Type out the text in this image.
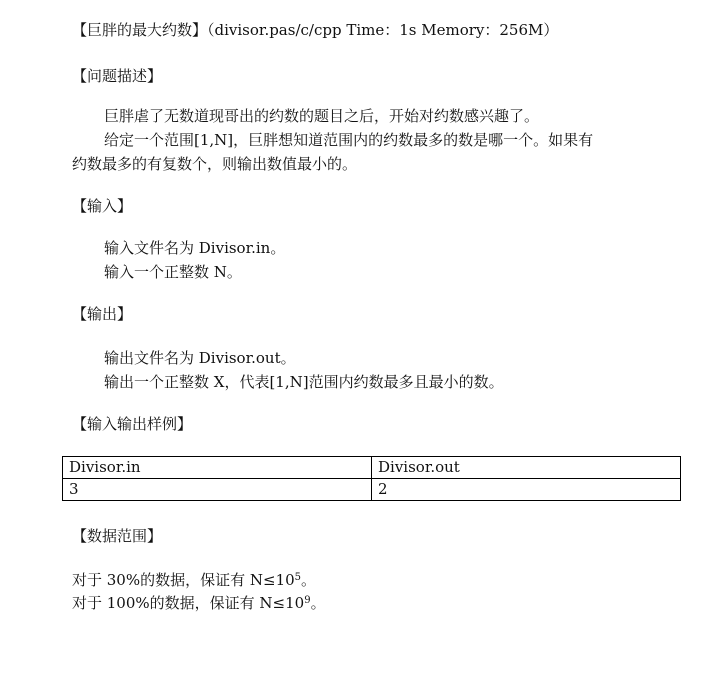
【巨胖的最大约数】（divisor.pas/c/cpp Time：1s Memory：256M）
【问题描述】
巨胖虐了无数道现哥出的约数的题目之后，开始对约数感兴趣了。
给定一个范围[1,N]，巨胖想知道范围内的约数最多的数是哪一个。如果有
约数最多的有复数个，则输出数值最小的。
【输入】
输入文件名为 Divisor.in。
输入一个正整数 N。
【输出】
输出文件名为 Divisor.out。
输出一个正整数 X，代表[1,N]范围内约数最多且最小的数。
【输入输出样例】
Divisor.in	Divisor.out
3	2
【数据范围】
对于 30%的数据，保证有 $N\le 10^5$。
对于 100%的数据，保证有 $N\le 10^9$。
